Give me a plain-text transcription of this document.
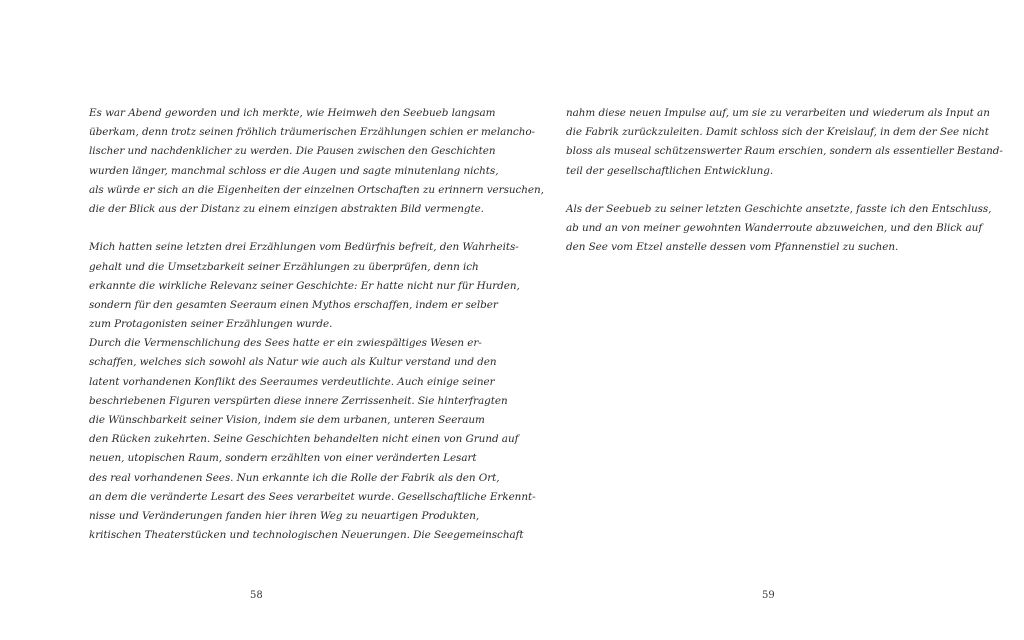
Es war Abend geworden und ich merkte, wie Heimweh den Seebueb langsam
überkam, denn trotz seinen fröhlich träumerischen Erzählungen schien er melancho-
lischer und nachdenklicher zu werden. Die Pausen zwischen den Geschichten
wurden länger, manchmal schloss er die Augen und sagte minutenlang nichts,
als würde er sich an die Eigenheiten der einzelnen Ortschaften zu erinnern versuchen,
die der Blick aus der Distanz zu einem einzigen abstrakten Bild vermengte.
Mich hatten seine letzten drei Erzählungen vom Bedürfnis befreit, den Wahrheits-
gehalt und die Umsetzbarkeit seiner Erzählungen zu überprüfen, denn ich
erkannte die wirkliche Relevanz seiner Geschichte: Er hatte nicht nur für Hurden,
sondern für den gesamten Seeraum einen Mythos erschaffen, indem er selber
zum Protagonisten seiner Erzählungen wurde.
Durch die Vermenschlichung des Sees hatte er ein zwiespältiges Wesen er-
schaffen, welches sich sowohl als Natur wie auch als Kultur verstand und den
latent vorhandenen Konflikt des Seeraumes verdeutlichte. Auch einige seiner
beschriebenen Figuren verspürten diese innere Zerrissenheit. Sie hinterfragten
die Wünschbarkeit seiner Vision, indem sie dem urbanen, unteren Seeraum
den Rücken zukehrten. Seine Geschichten behandelten nicht einen von Grund auf
neuen, utopischen Raum, sondern erzählten von einer veränderten Lesart
des real vorhandenen Sees. Nun erkannte ich die Rolle der Fabrik als den Ort,
an dem die veränderte Lesart des Sees verarbeitet wurde. Gesellschaftliche Erkennt-
nisse und Veränderungen fanden hier ihren Weg zu neuartigen Produkten,
kritischen Theaterstücken und technologischen Neuerungen. Die Seegemeinschaft
58
nahm diese neuen Impulse auf, um sie zu verarbeiten und wiederum als Input an
die Fabrik zurückzuleiten. Damit schloss sich der Kreislauf, in dem der See nicht
bloss als museal schützenswerter Raum erschien, sondern als essentieller Bestand-
teil der gesellschaftlichen Entwicklung.
Als der Seebueb zu seiner letzten Geschichte ansetzte, fasste ich den Entschluss,
ab und an von meiner gewohnten Wanderroute abzuweichen, und den Blick auf
den See vom Etzel anstelle dessen vom Pfannenstiel zu suchen.
59
